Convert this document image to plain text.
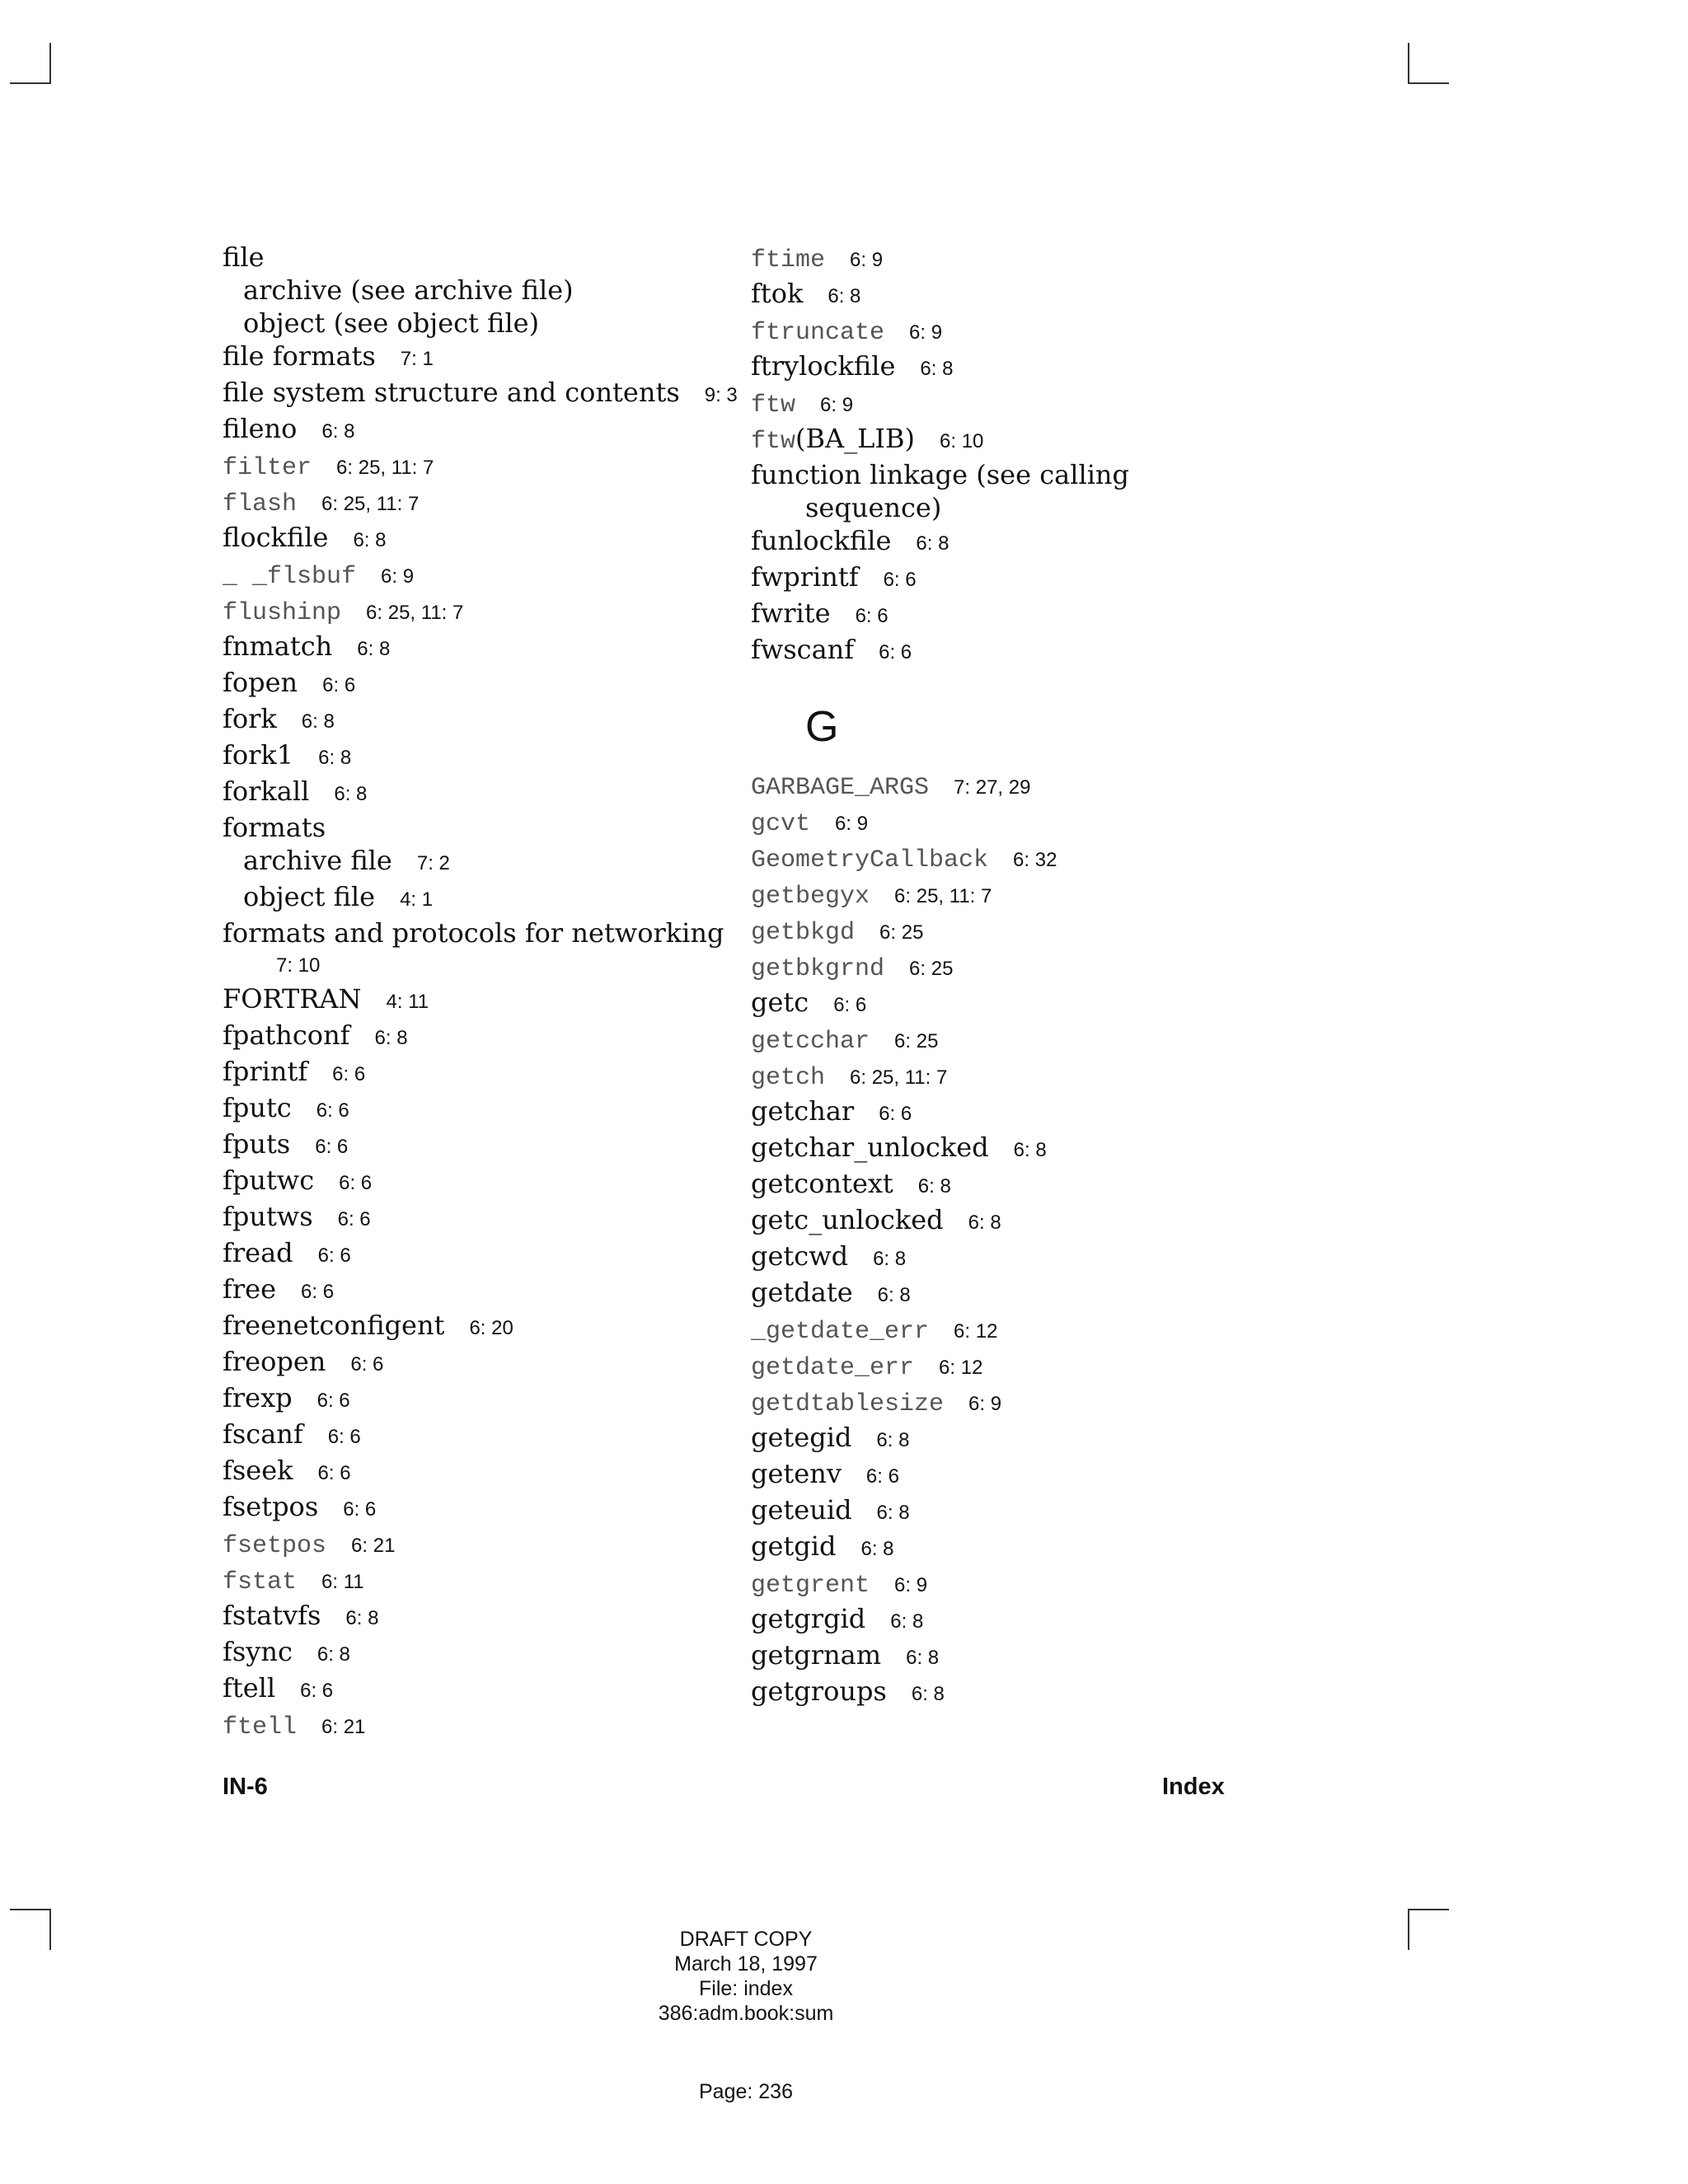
file
archive (see archive file)
object (see object file)
file formats 7: 1
file system structure and contents 9: 3
fileno 6: 8
filter 6: 25, 11: 7
flash 6: 25, 11: 7
flockfile 6: 8
_ _flsbuf 6: 9
flushinp 6: 25, 11: 7
fnmatch 6: 8
fopen 6: 6
fork 6: 8
fork1 6: 8
forkall 6: 8
formats
archive file 7: 2
object file 4: 1
formats and protocols for networking
7: 10
FORTRAN 4: 11
fpathconf 6: 8
fprintf 6: 6
fputc 6: 6
fputs 6: 6
fputwc 6: 6
fputws 6: 6
fread 6: 6
free 6: 6
freenetconfigent 6: 20
freopen 6: 6
frexp 6: 6
fscanf 6: 6
fseek 6: 6
fsetpos 6: 6
fsetpos 6: 21
fstat 6: 11
fstatvfs 6: 8
fsync 6: 8
ftell 6: 6
ftell 6: 21
ftime 6: 9
ftok 6: 8
ftruncate 6: 9
ftrylockfile 6: 8
ftw 6: 9
ftw(BA_LIB) 6: 10
function linkage (see calling
sequence)
funlockfile 6: 8
fwprintf 6: 6
fwrite 6: 6
fwscanf 6: 6
G
GARBAGE_ARGS 7: 27, 29
gcvt 6: 9
GeometryCallback 6: 32
getbegyx 6: 25, 11: 7
getbkgd 6: 25
getbkgrnd 6: 25
getc 6: 6
getcchar 6: 25
getch 6: 25, 11: 7
getchar 6: 6
getchar_unlocked 6: 8
getcontext 6: 8
getc_unlocked 6: 8
getcwd 6: 8
getdate 6: 8
_getdate_err 6: 12
getdate_err 6: 12
getdtablesize 6: 9
getegid 6: 8
getenv 6: 6
geteuid 6: 8
getgid 6: 8
getgrent 6: 9
getgrgid 6: 8
getgrnam 6: 8
getgroups 6: 8
IN-6	Index
DRAFT COPY
March 18, 1997
File: index
386:adm.book:sum
Page: 236
